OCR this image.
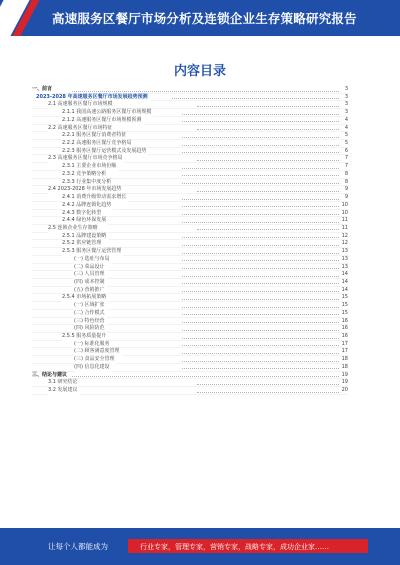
高速服务区餐厅市场分析及连锁企业生存策略研究报告
内容目录
一、前言	3
2023-2028 年高速服务区餐厅市场发展趋势预测	3
2.1 高速服务区餐厅市场规模	3
2.1.1 我国高速公路服务区餐厅市场规模	3
2.1.2 高速服务区餐厅市场规模预测	4
2.2 高速服务区餐厅市场特征	4
2.2.1 服务区餐厅消费者特征	5
2.2.2 高速服务区餐厅竞争格局	5
2.2.3 服务区餐厅运营模式及发展趋势	6
2.3 高速服务区餐厅市场竞争格局	7
2.3.1 主要企业市场份额	7
2.3.2 竞争策略分析	8
2.3.3 行业集中度分析	8
2.4 2023-2028 年市场发展趋势	9
2.4.1 消费升级带动需求增长	9
2.4.2 品牌连锁化趋势	10
2.4.3 数字化转型	10
2.4.4 绿色环保发展	11
2.5 连锁企业生存策略	11
2.5.1 品牌建设策略	12
2.5.2 供应链管理	12
2.5.3 服务区餐厅运营管理	13
(一) 选址与布局	13
(二) 菜品设计	13
(三) 人员管理	14
(四) 成本控制	14
(五) 营销推广	14
2.5.4 市场拓展策略	15
(一) 区域扩张	15
(二) 合作模式	15
(三) 特色经营	16
(四) 风险防范	16
2.5.5 服务质量提升	16
(一) 标准化服务	17
(二) 顾客满意度管理	17
(三) 食品安全管理	18
(四) 信息化建设	18
三、结论与建议	19
3.1 研究结论	19
3.2 发展建议	20
让每个人都能成为	行业专家，管理专家，营销专家，战略专家，成功企业家……
